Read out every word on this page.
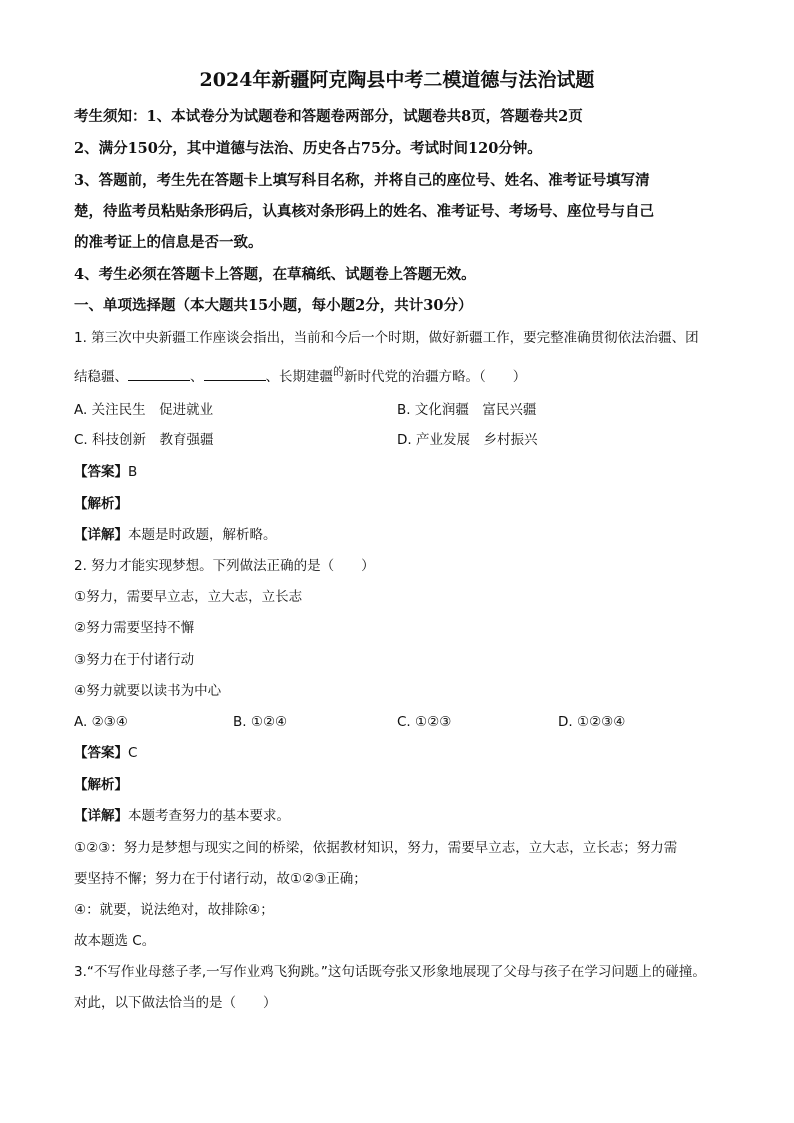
2024年新疆阿克陶县中考二模道德与法治试题
考生须知：1、本试卷分为试题卷和答题卷两部分，试题卷共8页，答题卷共2页
2、满分150分，其中道德与法治、历史各占75分。考试时间120分钟。
3、答题前，考生先在答题卡上填写科目名称，并将自己的座位号、姓名、准考证号填写清
楚，待监考员粘贴条形码后，认真核对条形码上的姓名、准考证号、考场号、座位号与自己
的准考证上的信息是否一致。
4、考生必须在答题卡上答题，在草稿纸、试题卷上答题无效。
一、单项选择题（本大题共15小题，每小题2分，共计30分）
1. 第三次中央新疆工作座谈会指出，当前和今后一个时期，做好新疆工作，要完整准确贯彻依法治疆、团
结稳疆、	、	、长期建疆$^的$新时代党的治疆方略。（　　）
A. 关注民生　促进就业	B. 文化润疆　富民兴疆
C. 科技创新　教育强疆	D. 产业发展　乡村振兴
【答案】B
【解析】
【详解】本题是时政题，解析略。
2. 努力才能实现梦想。下列做法正确的是（　　）
①努力，需要早立志，立大志，立长志
②努力需要坚持不懈
③努力在于付诸行动
④努力就要以读书为中心
A. ②③④	B. ①②④	C. ①②③	D. ①②③④
【答案】C
【解析】
【详解】本题考查努力的基本要求。
①②③：努力是梦想与现实之间的桥梁，依据教材知识，努力，需要早立志，立大志，立长志；努力需
要坚持不懈；努力在于付诸行动，故①②③正确；
④：就要，说法绝对，故排除④；
故本题选 C。
3.“不写作业母慈子孝,一写作业鸡飞狗跳。”这句话既夸张又形象地展现了父母与孩子在学习问题上的碰撞。
对此，以下做法恰当的是（　　）
